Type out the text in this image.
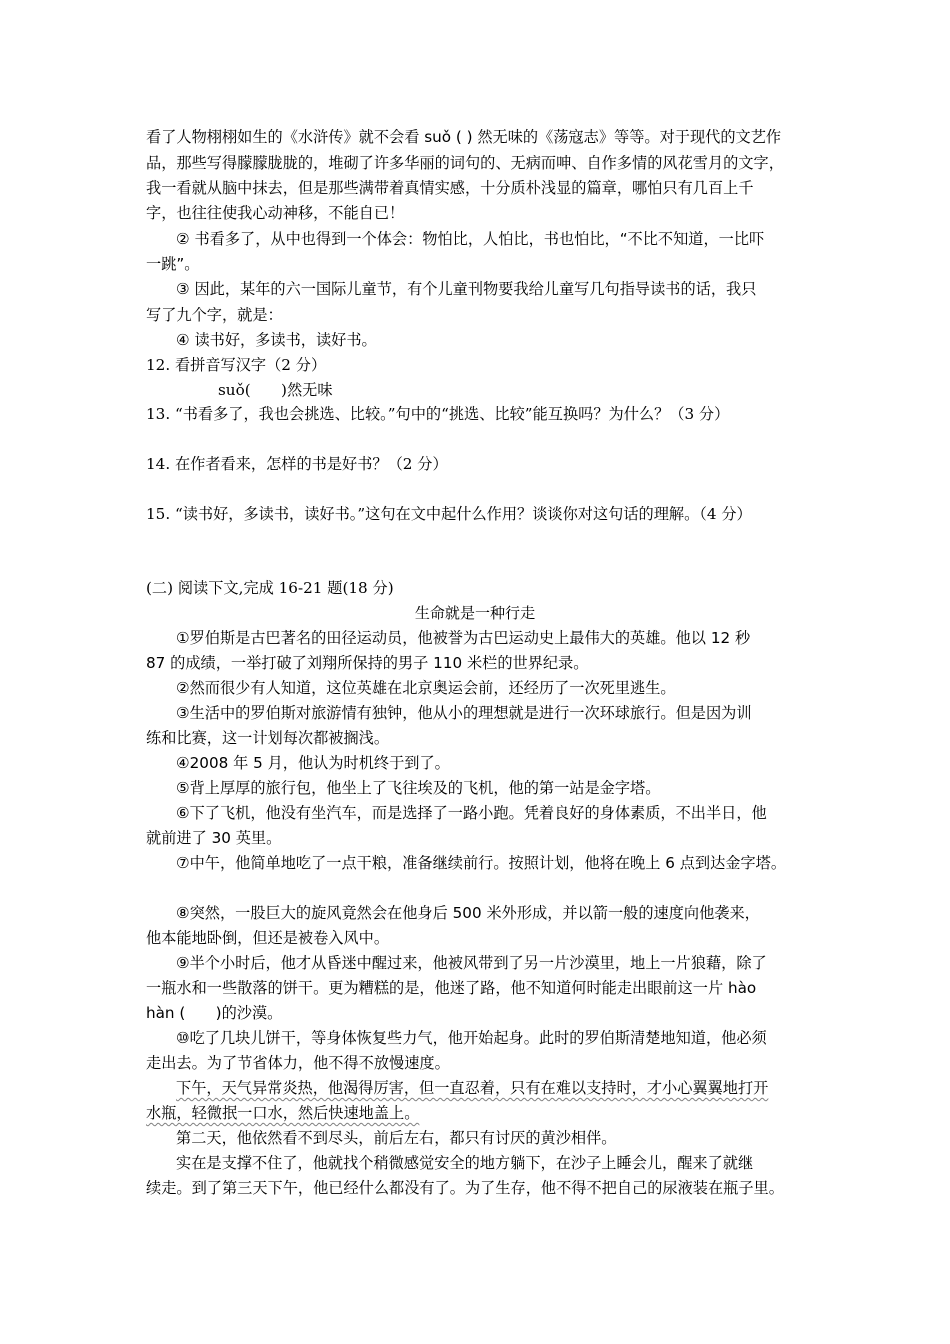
看了人物栩栩如生的《水浒传》就不会看 suǒ ( ) 然无味的《荡寇志》等等。对于现代的文艺作
品，那些写得朦朦胧胧的，堆砌了许多华丽的词句的、无病而呻、自作多情的风花雪月的文字，
我一看就从脑中抹去，但是那些满带着真情实感，十分质朴浅显的篇章，哪怕只有几百上千
字，也往往使我心动神移，不能自已！
② 书看多了，从中也得到一个体会：物怕比，人怕比，书也怕比，“不比不知道，一比吓
一跳”。
③ 因此，某年的六一国际儿童节，有个儿童刊物要我给儿童写几句指导读书的话，我只
写了九个字，就是：
④ 读书好，多读书，读好书。
12. 看拼音写汉字（2 分）
suǒ(　　)然无味
13. “书看多了，我也会挑选、比较。”句中的“挑选、比较”能互换吗？为什么？（3 分）
14. 在作者看来，怎样的书是好书？（2 分）
15. “读书好，多读书，读好书。”这句在文中起什么作用？谈谈你对这句话的理解。（4 分）
(二) 阅读下文,完成 16-21 题(18 分)
生命就是一种行走
①罗伯斯是古巴著名的田径运动员，他被誉为古巴运动史上最伟大的英雄。他以 12 秒
87 的成绩，一举打破了刘翔所保持的男子 110 米栏的世界纪录。
②然而很少有人知道，这位英雄在北京奥运会前，还经历了一次死里逃生。
③生活中的罗伯斯对旅游情有独钟，他从小的理想就是进行一次环球旅行。但是因为训
练和比赛，这一计划每次都被搁浅。
④2008 年 5 月，他认为时机终于到了。
⑤背上厚厚的旅行包，他坐上了飞往埃及的飞机，他的第一站是金字塔。
⑥下了飞机，他没有坐汽车，而是选择了一路小跑。凭着良好的身体素质，不出半日，他
就前进了 30 英里。
⑦中午，他简单地吃了一点干粮，准备继续前行。按照计划，他将在晚上 6 点到达金字塔。
⑧突然，一股巨大的旋风竟然会在他身后 500 米外形成，并以箭一般的速度向他袭来，
他本能地卧倒，但还是被卷入风中。
⑨半个小时后，他才从昏迷中醒过来，他被风带到了另一片沙漠里，地上一片狼藉，除了
一瓶水和一些散落的饼干。更为糟糕的是，他迷了路，他不知道何时能走出眼前这一片 hào
hàn (　　)的沙漠。
⑩吃了几块儿饼干，等身体恢复些力气，他开始起身。此时的罗伯斯清楚地知道，他必须
走出去。为了节省体力，他不得不放慢速度。
下午，天气异常炎热，他渴得厉害，但一直忍着，只有在难以支持时，才小心翼翼地打开
水瓶，轻微抿一口水，然后快速地盖上。
第二天，他依然看不到尽头，前后左右，都只有讨厌的黄沙相伴。
实在是支撑不住了，他就找个稍微感觉安全的地方躺下，在沙子上睡会儿，醒来了就继
续走。到了第三天下午，他已经什么都没有了。为了生存，他不得不把自己的尿液装在瓶子里。
